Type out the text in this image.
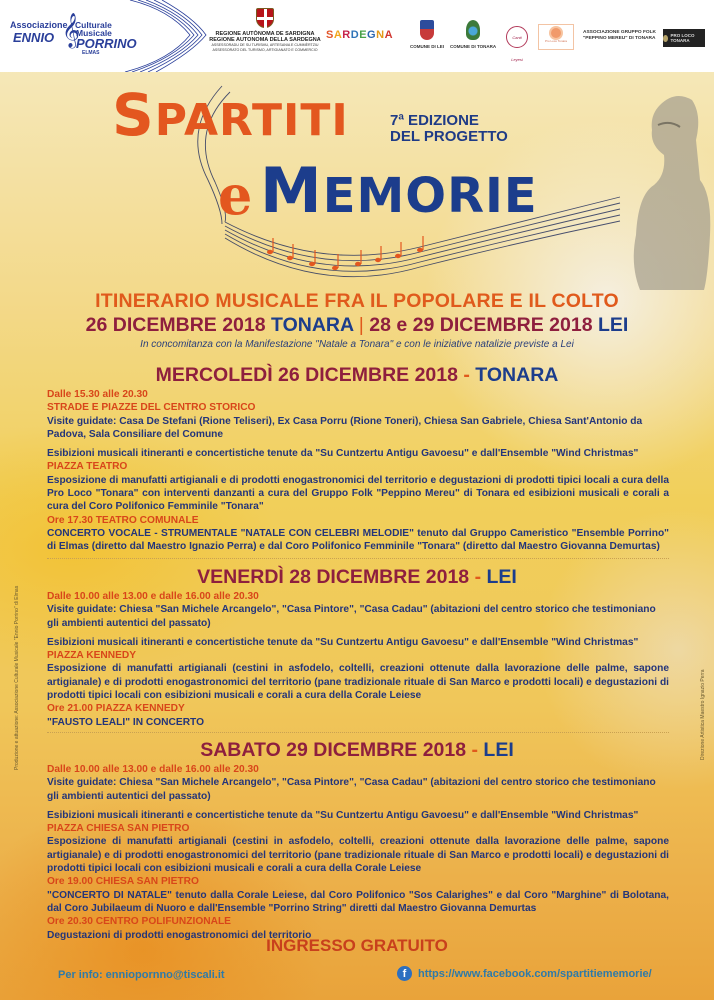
Associazione
ENNIO 𝄞
Culturale
Musicale
PORRINO
ELMAS
REGIONE AUTÒNOMA DE SARDIGNA
REGIONE AUTONOMA DELLA SARDEGNA
ASSESSORADU DE SU TURISMU, ARTESANIA E CUMMÈRTZIU
ASSESSORATO DEL TURISMO, ARTIGIANATO E COMMERCIO
SARDEGNA
COMUNE DI LEI COMUNE DI TONARA
Canti Leyesi
Pro Loco Tonara
ASSOCIAZIONE GRUPPO FOLK
"PEPPINO MEREU" DI TONARA
PRO LOCO TONARA
SPARTITI	7ª EDIZIONE
DEL PROGETTO
e MEMORIE
ITINERARIO MUSICALE FRA IL POPOLARE E IL COLTO
26 DICEMBRE 2018 TONARA | 28 e 29 DICEMBRE 2018 LEI
In concomitanza con la Manifestazione "Natale a Tonara" e con le iniziative natalizie previste a Lei
MERCOLEDÌ 26 DICEMBRE 2018 - TONARA
Dalle 15.30 alle 20.30
STRADE E PIAZZE DEL CENTRO STORICO
Visite guidate: Casa De Stefani (Rione Teliseri), Ex Casa Porru (Rione Toneri), Chiesa San Gabriele, Chiesa Sant'Antonio da Padova, Sala Consiliare del Comune
Esibizioni musicali itineranti e concertistiche tenute da "Su Cuntzertu Antigu Gavoesu" e dall'Ensemble "Wind Christmas"
PIAZZA TEATRO
Esposizione di manufatti artigianali e di prodotti enogastronomici del territorio e degustazioni di prodotti tipici locali a cura della Pro Loco "Tonara" con interventi danzanti a cura del Gruppo Folk "Peppino Mereu" di Tonara ed esibizioni musicali e corali a cura del Coro Polifonico Femminile "Tonara"
Ore 17.30 TEATRO COMUNALE
CONCERTO VOCALE - STRUMENTALE "NATALE CON CELEBRI MELODIE" tenuto dal Gruppo Cameristico "Ensemble Porrino" di Elmas (diretto dal Maestro Ignazio Perra) e dal Coro Polifonico Femminile "Tonara" (diretto dal Maestro Giovanna Demurtas)
VENERDÌ 28 DICEMBRE 2018 - LEI
Dalle 10.00 alle 13.00 e dalle 16.00 alle 20.30
Visite guidate: Chiesa "San Michele Arcangelo", "Casa Pintore", "Casa Cadau" (abitazioni del centro storico che testimoniano gli ambienti autentici del passato)
Esibizioni musicali itineranti e concertistiche tenute da "Su Cuntzertu Antigu Gavoesu" e dall'Ensemble "Wind Christmas"
PIAZZA KENNEDY
Esposizione di manufatti artigianali (cestini in asfodelo, coltelli, creazioni ottenute dalla lavorazione delle palme, sapone artigianale) e di prodotti enogastronomici del territorio (pane tradizionale rituale di San Marco e prodotti locali) e degustazioni di prodotti tipici locali con esibizioni musicali e corali a cura della Corale Leiese
Ore 21.00 PIAZZA KENNEDY
"FAUSTO LEALI" IN CONCERTO
SABATO 29 DICEMBRE 2018 - LEI
Dalle 10.00 alle 13.00 e dalle 16.00 alle 20.30
Visite guidate: Chiesa "San Michele Arcangelo", "Casa Pintore", "Casa Cadau" (abitazioni del centro storico che testimoniano gli ambienti autentici del passato)
Esibizioni musicali itineranti e concertistiche tenute da "Su Cuntzertu Antigu Gavoesu" e dall'Ensemble "Wind Christmas"
PIAZZA CHIESA SAN PIETRO
Esposizione di manufatti artigianali (cestini in asfodelo, coltelli, creazioni ottenute dalla lavorazione delle palme, sapone artigianale) e di prodotti enogastronomici del territorio (pane tradizionale rituale di San Marco e prodotti locali) e degustazioni di prodotti tipici locali con esibizioni musicali e corali a cura della Corale Leiese
Ore 19.00 CHIESA SAN PIETRO
"CONCERTO DI NATALE" tenuto dalla Corale Leiese, dal Coro Polifonico "Sos Calarighes" e dal Coro "Marghine" di Bolotana, dal Coro Jubilaeum di Nuoro e dall'Ensemble "Porrino String" diretti dal Maestro Giovanna Demurtas
Ore 20.30 CENTRO POLIFUNZIONALE
Degustazioni di prodotti enogastronomici del territorio
INGRESSO GRATUITO
Per info: enniopornno@tiscali.it	f	https://www.facebook.com/spartitiememorie/
Produzione e attuazione: Associazione Culturale Musicale "Ennio Porrino" di Elmas	Direzione Artistica Maestro Ignazio Perra
